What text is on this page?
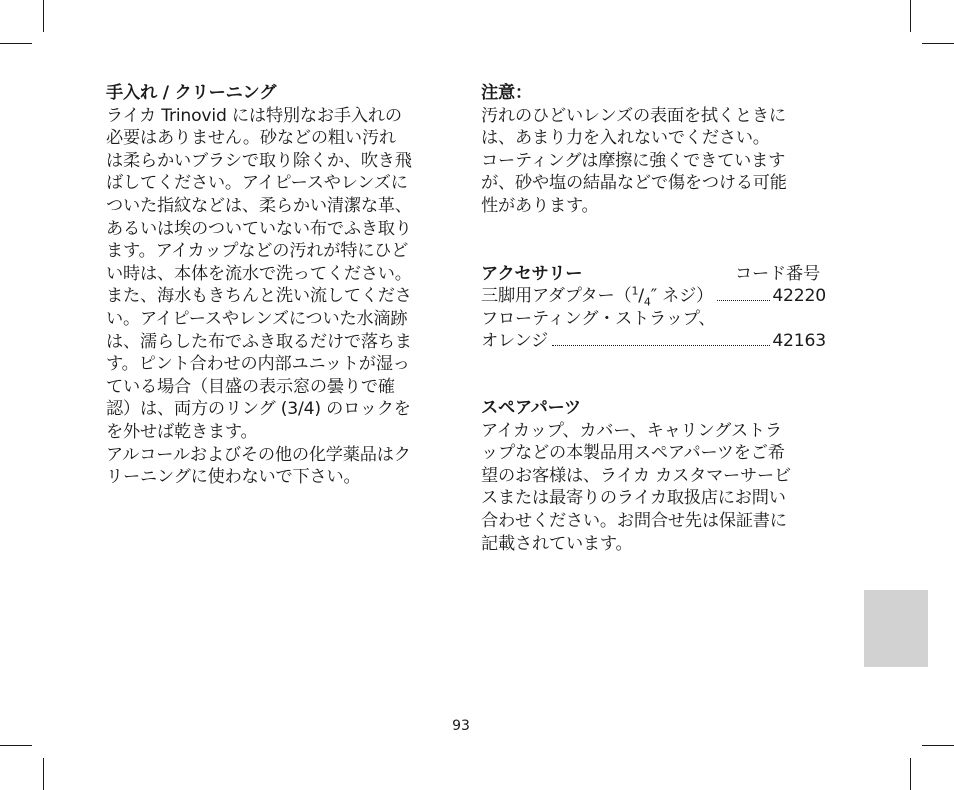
手入れ / クリーニング
ライカ Trinovid には特別なお手入れの
必要はありません。砂などの粗い汚れ
は柔らかいブラシで取り除くか、吹き飛
ばしてください。アイピースやレンズに
ついた指紋などは、柔らかい清潔な革、
あるいは埃のついていない布でふき取り
ます。アイカップなどの汚れが特にひど
い時は、本体を流水で洗ってください。
また、海水もきちんと洗い流してくださ
い。アイピースやレンズについた水滴跡
は、濡らした布でふき取るだけで落ちま
す。ピント合わせの内部ユニットが湿っ
ている場合（目盛の表示窓の曇りで確
認）は、両方のリング (3/4) のロックを
を外せば乾きます。
アルコールおよびその他の化学薬品はク
リーニングに使わないで下さい。
注意：
汚れのひどいレンズの表面を拭くときに
は、あまり力を入れないでください。
コーティングは摩擦に強くできています
が、砂や塩の結晶などで傷をつける可能
性があります。
アクセサリー	コード番号
三脚用アダプター（$^1/_4''$ ネジ）	42220
フローティング・ストラップ、
オレンジ	42163
スペアパーツ
アイカップ、カバー、キャリングストラ
ップなどの本製品用スペアパーツをご希
望のお客様は、ライカ カスタマーサービ
スまたは最寄りのライカ取扱店にお問い
合わせください。お問合せ先は保証書に
記載されています。
93
